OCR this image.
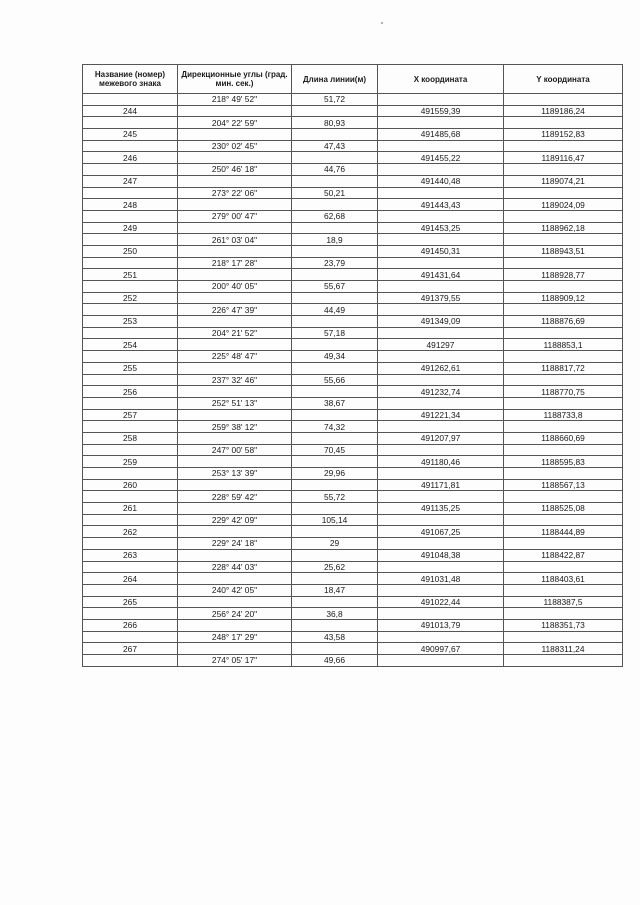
Название (номер) межевого знака	Дирекционные углы (град. мин. сек.)	Длина линии(м)	X координата	Y координата
	218° 49' 52"	51,72		
244			491559,39	1189186,24
	204° 22' 59"	80,93		
245			491485,68	1189152,83
	230° 02' 45"	47,43		
246			491455,22	1189116,47
	250° 46' 18"	44,76		
247			491440,48	1189074,21
	273° 22' 06"	50,21		
248			491443,43	1189024,09
	279° 00' 47"	62,68		
249			491453,25	1188962,18
	261° 03' 04"	18,9		
250			491450,31	1188943,51
	218° 17' 28"	23,79		
251			491431,64	1188928,77
	200° 40' 05"	55,67		
252			491379,55	1188909,12
	226° 47' 39"	44,49		
253			491349,09	1188876,69
	204° 21' 52"	57,18		
254			491297	1188853,1
	225° 48' 47"	49,34		
255			491262,61	1188817,72
	237° 32' 46"	55,66		
256			491232,74	1188770,75
	252° 51' 13"	38,67		
257			491221,34	1188733,8
	259° 38' 12"	74,32		
258			491207,97	1188660,69
	247° 00' 58"	70,45		
259			491180,46	1188595,83
	253° 13' 39"	29,96		
260			491171,81	1188567,13
	228° 59' 42"	55,72		
261			491135,25	1188525,08
	229° 42' 09"	105,14		
262			491067,25	1188444,89
	229° 24' 18"	29		
263			491048,38	1188422,87
	228° 44' 03"	25,62		
264			491031,48	1188403,61
	240° 42' 05"	18,47		
265			491022,44	1188387,5
	256° 24' 20"	36,8		
266			491013,79	1188351,73
	248° 17' 29"	43,58		
267			490997,67	1188311,24
	274° 05' 17"	49,66		
